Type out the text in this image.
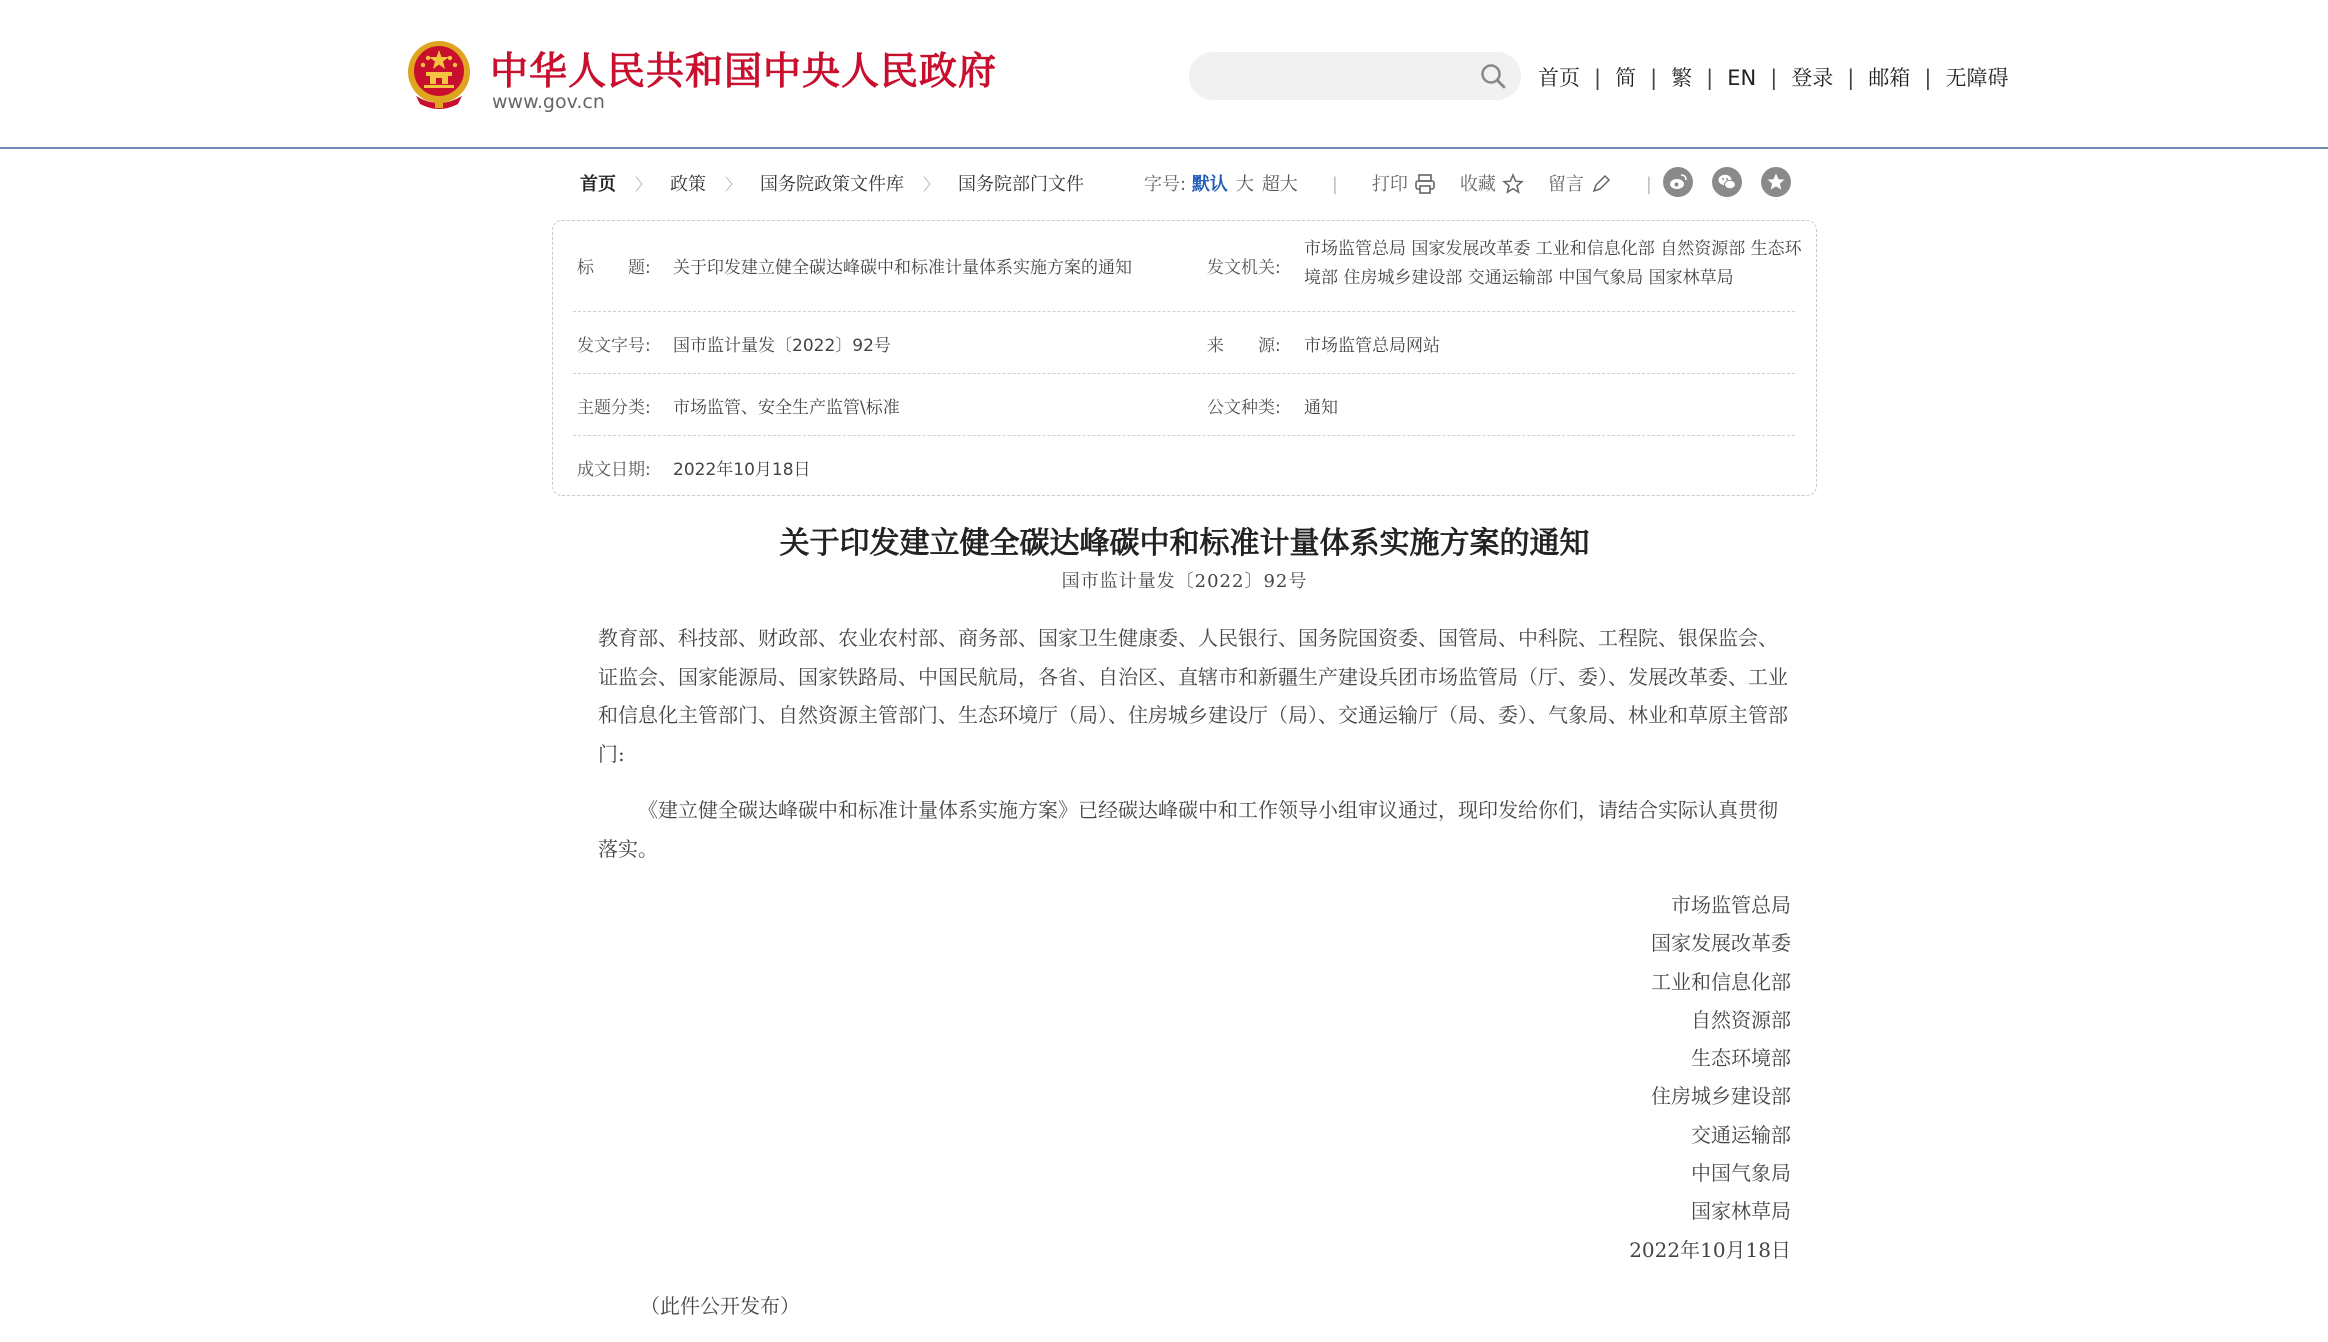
中华人民共和国中央人民政府
www.gov.cn
首页 | 简 | 繁 | EN | 登录 | 邮箱 | 无障碍
首页 〉 政策 〉 国务院政策文件库 〉 国务院部门文件	字号: 默认 大 超大 | 打印	收藏	留言	|
标　　题: 关于印发建立健全碳达峰碳中和标准计量体系实施方案的通知	发文机关:
市场监管总局 国家发展改革委 工业和信息化部 自然资源部 生态环境部 住房城乡建设部 交通运输部 中国气象局 国家林草局
发文字号: 国市监计量发〔2022〕92号	来　　源: 市场监管总局网站
主题分类: 市场监管、安全生产监管\标准	公文种类: 通知
成文日期: 2022年10月18日
关于印发建立健全碳达峰碳中和标准计量体系实施方案的通知
国市监计量发〔2022〕92号
教育部、科技部、财政部、农业农村部、商务部、国家卫生健康委、人民银行、国务院国资委、国管局、中科院、工程院、银保监会、证监会、国家能源局、国家铁路局、中国民航局，各省、自治区、直辖市和新疆生产建设兵团市场监管局（厅、委）、发展改革委、工业和信息化主管部门、自然资源主管部门、生态环境厅（局）、住房城乡建设厅（局）、交通运输厅（局、委）、气象局、林业和草原主管部门:
《建立健全碳达峰碳中和标准计量体系实施方案》已经碳达峰碳中和工作领导小组审议通过，现印发给你们，请结合实际认真贯彻落实。
市场监管总局
国家发展改革委
工业和信息化部
自然资源部
生态环境部
住房城乡建设部
交通运输部
中国气象局
国家林草局
2022年10月18日
（此件公开发布）
